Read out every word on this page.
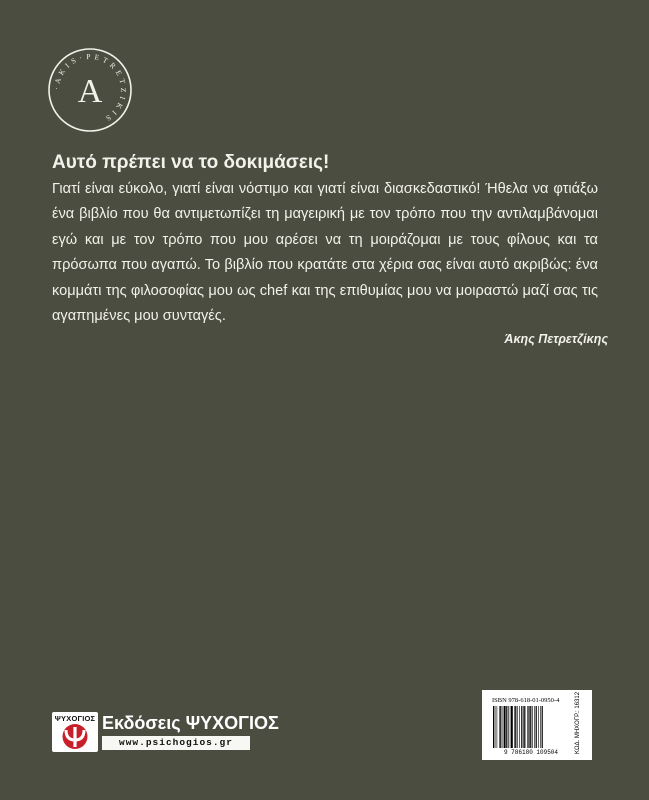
· A K I S · P E T R E T Z I K I S
A
Αυτό πρέπει να το δοκιμάσεις!

Γιατί είναι εύκολο, γιατί είναι νόστιμο και γιατί είναι διασκεδαστικό! Ήθελα να φτιάξω ένα βιβλίο που θα αντιμετωπίζει τη μαγειρική με τον τρόπο που την αντιλαμβάνομαι εγώ και με τον τρόπο που μου αρέσει να τη μοιράζομαι με τους φίλους και τα πρόσωπα που αγαπώ. Το βιβλίο που κρατάτε στα χέρια σας είναι αυτό ακριβώς: ένα κομμάτι της φιλοσοφίας μου ως chef και της επιθυμίας μου να μοιραστώ μαζί σας τις αγαπημένες μου συνταγές.

Άκης Πετρετζίκης
ΨΥΧΟΓΙΟΣ Εκδόσεις ΨΥΧΟΓΙΟΣ
www.psichogios.gr
ISBN 978-618-01-0950-4
9 786180 109504	ΚΩΔ. ΜΗΧΟΓΡ.: 16312
